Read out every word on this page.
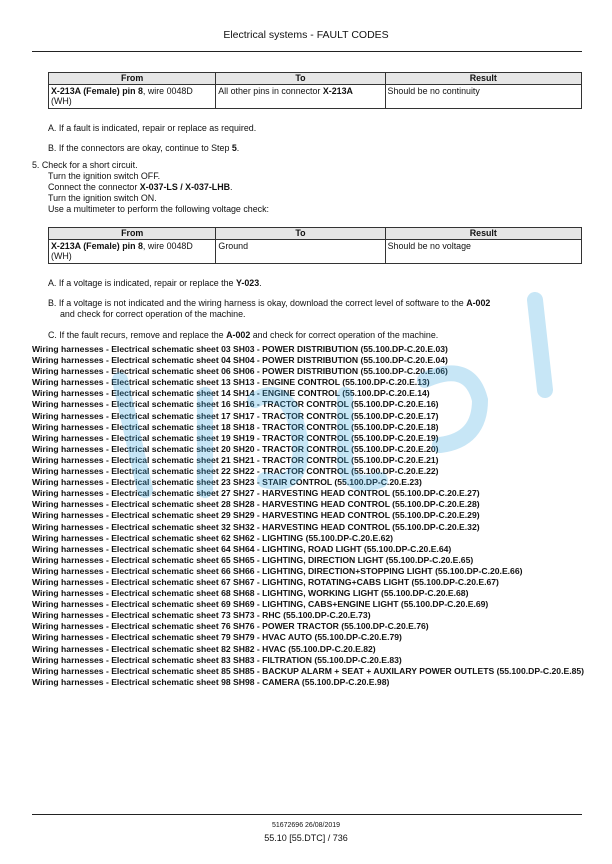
Electrical systems - FAULT CODES
From	To	Result
X-213A (Female) pin 8, wire 0048D (WH)	All other pins in connector X-213A	Should be no continuity
A. If a fault is indicated, repair or replace as required.
B. If the connectors are okay, continue to Step 5.
5. Check for a short circuit.
Turn the ignition switch OFF.
Connect the connector X-037-LS / X-037-LHB.
Turn the ignition switch ON.
Use a multimeter to perform the following voltage check:
From	To	Result
X-213A (Female) pin 8, wire 0048D (WH)	Ground	Should be no voltage
A. If a voltage is indicated, repair or replace the Y-023.
B. If a voltage is not indicated and the wiring harness is okay, download the correct level of software to the A-002
and check for correct operation of the machine.
C. If the fault recurs, remove and replace the A-002 and check for correct operation of the machine.
Wiring harnesses - Electrical schematic sheet 03 SH03 - POWER DISTRIBUTION (55.100.DP-C.20.E.03)
Wiring harnesses - Electrical schematic sheet 04 SH04 - POWER DISTRIBUTION (55.100.DP-C.20.E.04)
Wiring harnesses - Electrical schematic sheet 06 SH06 - POWER DISTRIBUTION (55.100.DP-C.20.E.06)
Wiring harnesses - Electrical schematic sheet 13 SH13 - ENGINE CONTROL (55.100.DP-C.20.E.13)
Wiring harnesses - Electrical schematic sheet 14 SH14 - ENGINE CONTROL (55.100.DP-C.20.E.14)
Wiring harnesses - Electrical schematic sheet 16 SH16 - TRACTOR CONTROL (55.100.DP-C.20.E.16)
Wiring harnesses - Electrical schematic sheet 17 SH17 - TRACTOR CONTROL (55.100.DP-C.20.E.17)
Wiring harnesses - Electrical schematic sheet 18 SH18 - TRACTOR CONTROL (55.100.DP-C.20.E.18)
Wiring harnesses - Electrical schematic sheet 19 SH19 - TRACTOR CONTROL (55.100.DP-C.20.E.19)
Wiring harnesses - Electrical schematic sheet 20 SH20 - TRACTOR CONTROL (55.100.DP-C.20.E.20)
Wiring harnesses - Electrical schematic sheet 21 SH21 - TRACTOR CONTROL (55.100.DP-C.20.E.21)
Wiring harnesses - Electrical schematic sheet 22 SH22 - TRACTOR CONTROL (55.100.DP-C.20.E.22)
Wiring harnesses - Electrical schematic sheet 23 SH23 - STAIR CONTROL (55.100.DP-C.20.E.23)
Wiring harnesses - Electrical schematic sheet 27 SH27 - HARVESTING HEAD CONTROL (55.100.DP-C.20.E.27)
Wiring harnesses - Electrical schematic sheet 28 SH28 - HARVESTING HEAD CONTROL (55.100.DP-C.20.E.28)
Wiring harnesses - Electrical schematic sheet 29 SH29 - HARVESTING HEAD CONTROL (55.100.DP-C.20.E.29)
Wiring harnesses - Electrical schematic sheet 32 SH32 - HARVESTING HEAD CONTROL (55.100.DP-C.20.E.32)
Wiring harnesses - Electrical schematic sheet 62 SH62 - LIGHTING (55.100.DP-C.20.E.62)
Wiring harnesses - Electrical schematic sheet 64 SH64 - LIGHTING, ROAD LIGHT (55.100.DP-C.20.E.64)
Wiring harnesses - Electrical schematic sheet 65 SH65 - LIGHTING, DIRECTION LIGHT (55.100.DP-C.20.E.65)
Wiring harnesses - Electrical schematic sheet 66 SH66 - LIGHTING, DIRECTION+STOPPING LIGHT (55.100.DP-C.20.E.66)
Wiring harnesses - Electrical schematic sheet 67 SH67 - LIGHTING, ROTATING+CABS LIGHT (55.100.DP-C.20.E.67)
Wiring harnesses - Electrical schematic sheet 68 SH68 - LIGHTING, WORKING LIGHT (55.100.DP-C.20.E.68)
Wiring harnesses - Electrical schematic sheet 69 SH69 - LIGHTING, CABS+ENGINE LIGHT (55.100.DP-C.20.E.69)
Wiring harnesses - Electrical schematic sheet 73 SH73 - RHC (55.100.DP-C.20.E.73)
Wiring harnesses - Electrical schematic sheet 76 SH76 - POWER TRACTOR (55.100.DP-C.20.E.76)
Wiring harnesses - Electrical schematic sheet 79 SH79 - HVAC AUTO (55.100.DP-C.20.E.79)
Wiring harnesses - Electrical schematic sheet 82 SH82 - HVAC (55.100.DP-C.20.E.82)
Wiring harnesses - Electrical schematic sheet 83 SH83 - FILTRATION (55.100.DP-C.20.E.83)
Wiring harnesses - Electrical schematic sheet 85 SH85 - BACKUP ALARM + SEAT + AUXILARY POWER OUTLETS (55.100.DP-C.20.E.85)
Wiring harnesses - Electrical schematic sheet 98 SH98 - CAMERA (55.100.DP-C.20.E.98)
51672696 26/08/2019
55.10 [55.DTC] / 736
